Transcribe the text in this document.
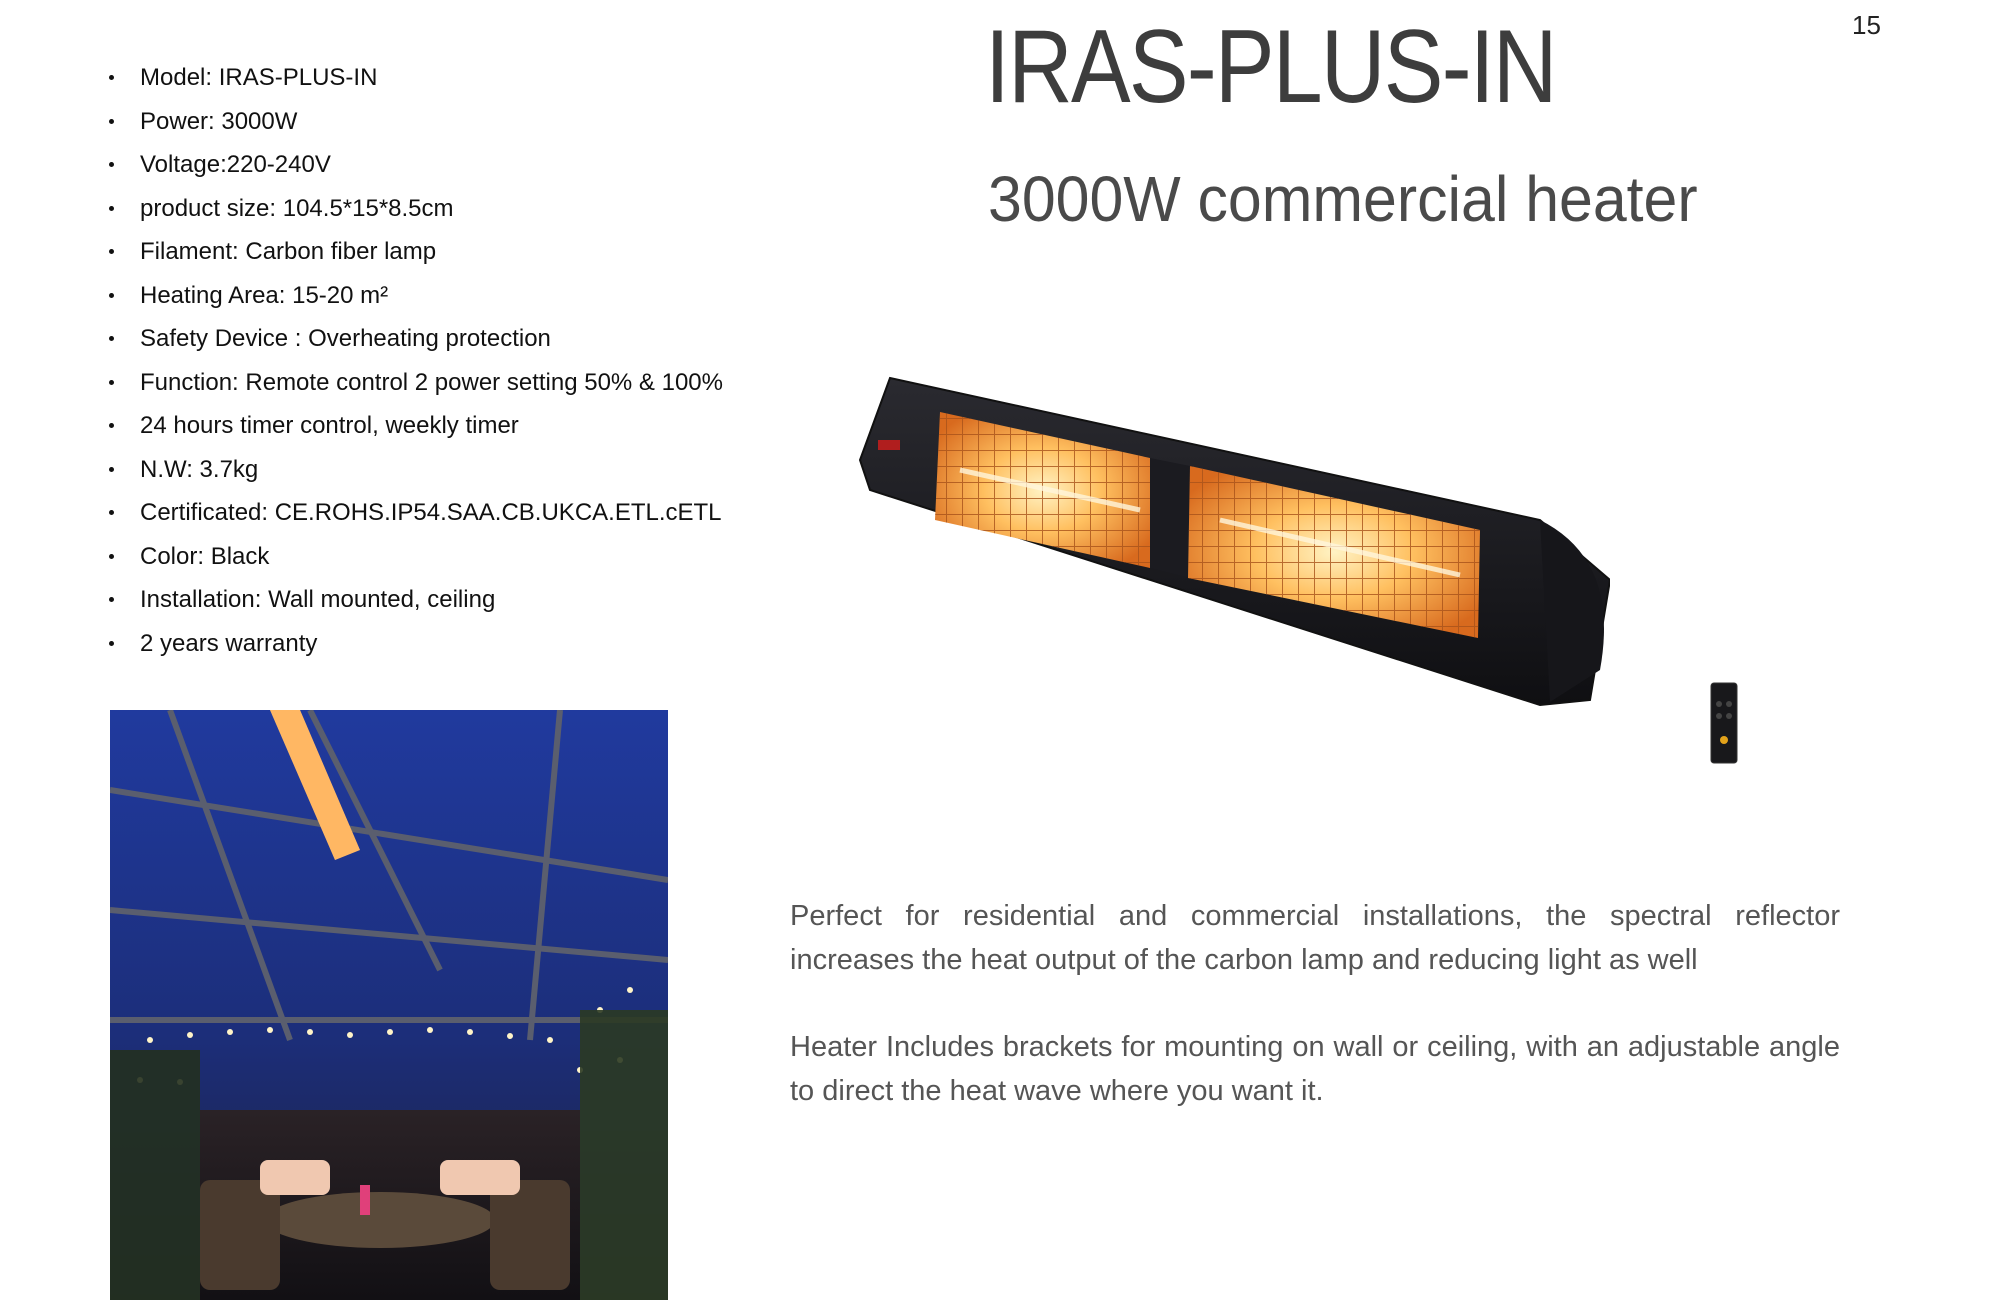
15
Model: IRAS-PLUS-IN
Power: 3000W
Voltage:220-240V
product size: 104.5*15*8.5cm
Filament: Carbon fiber lamp
Heating Area: 15-20 m²
Safety Device : Overheating protection
Function: Remote control 2 power setting 50% & 100%
24 hours timer control, weekly timer
N.W: 3.7kg
Certificated: CE.ROHS.IP54.SAA.CB.UKCA.ETL.cETL
Color: Black
Installation: Wall mounted, ceiling
2 years warranty
IRAS-PLUS-IN
3000W commercial heater

Perfect for residential and commercial installations, the spectral reflector increases the heat output of the carbon lamp and reducing light as well

Heater Includes brackets for mounting on wall or ceiling, with an adjustable angle to direct the heat wave where you want it.
